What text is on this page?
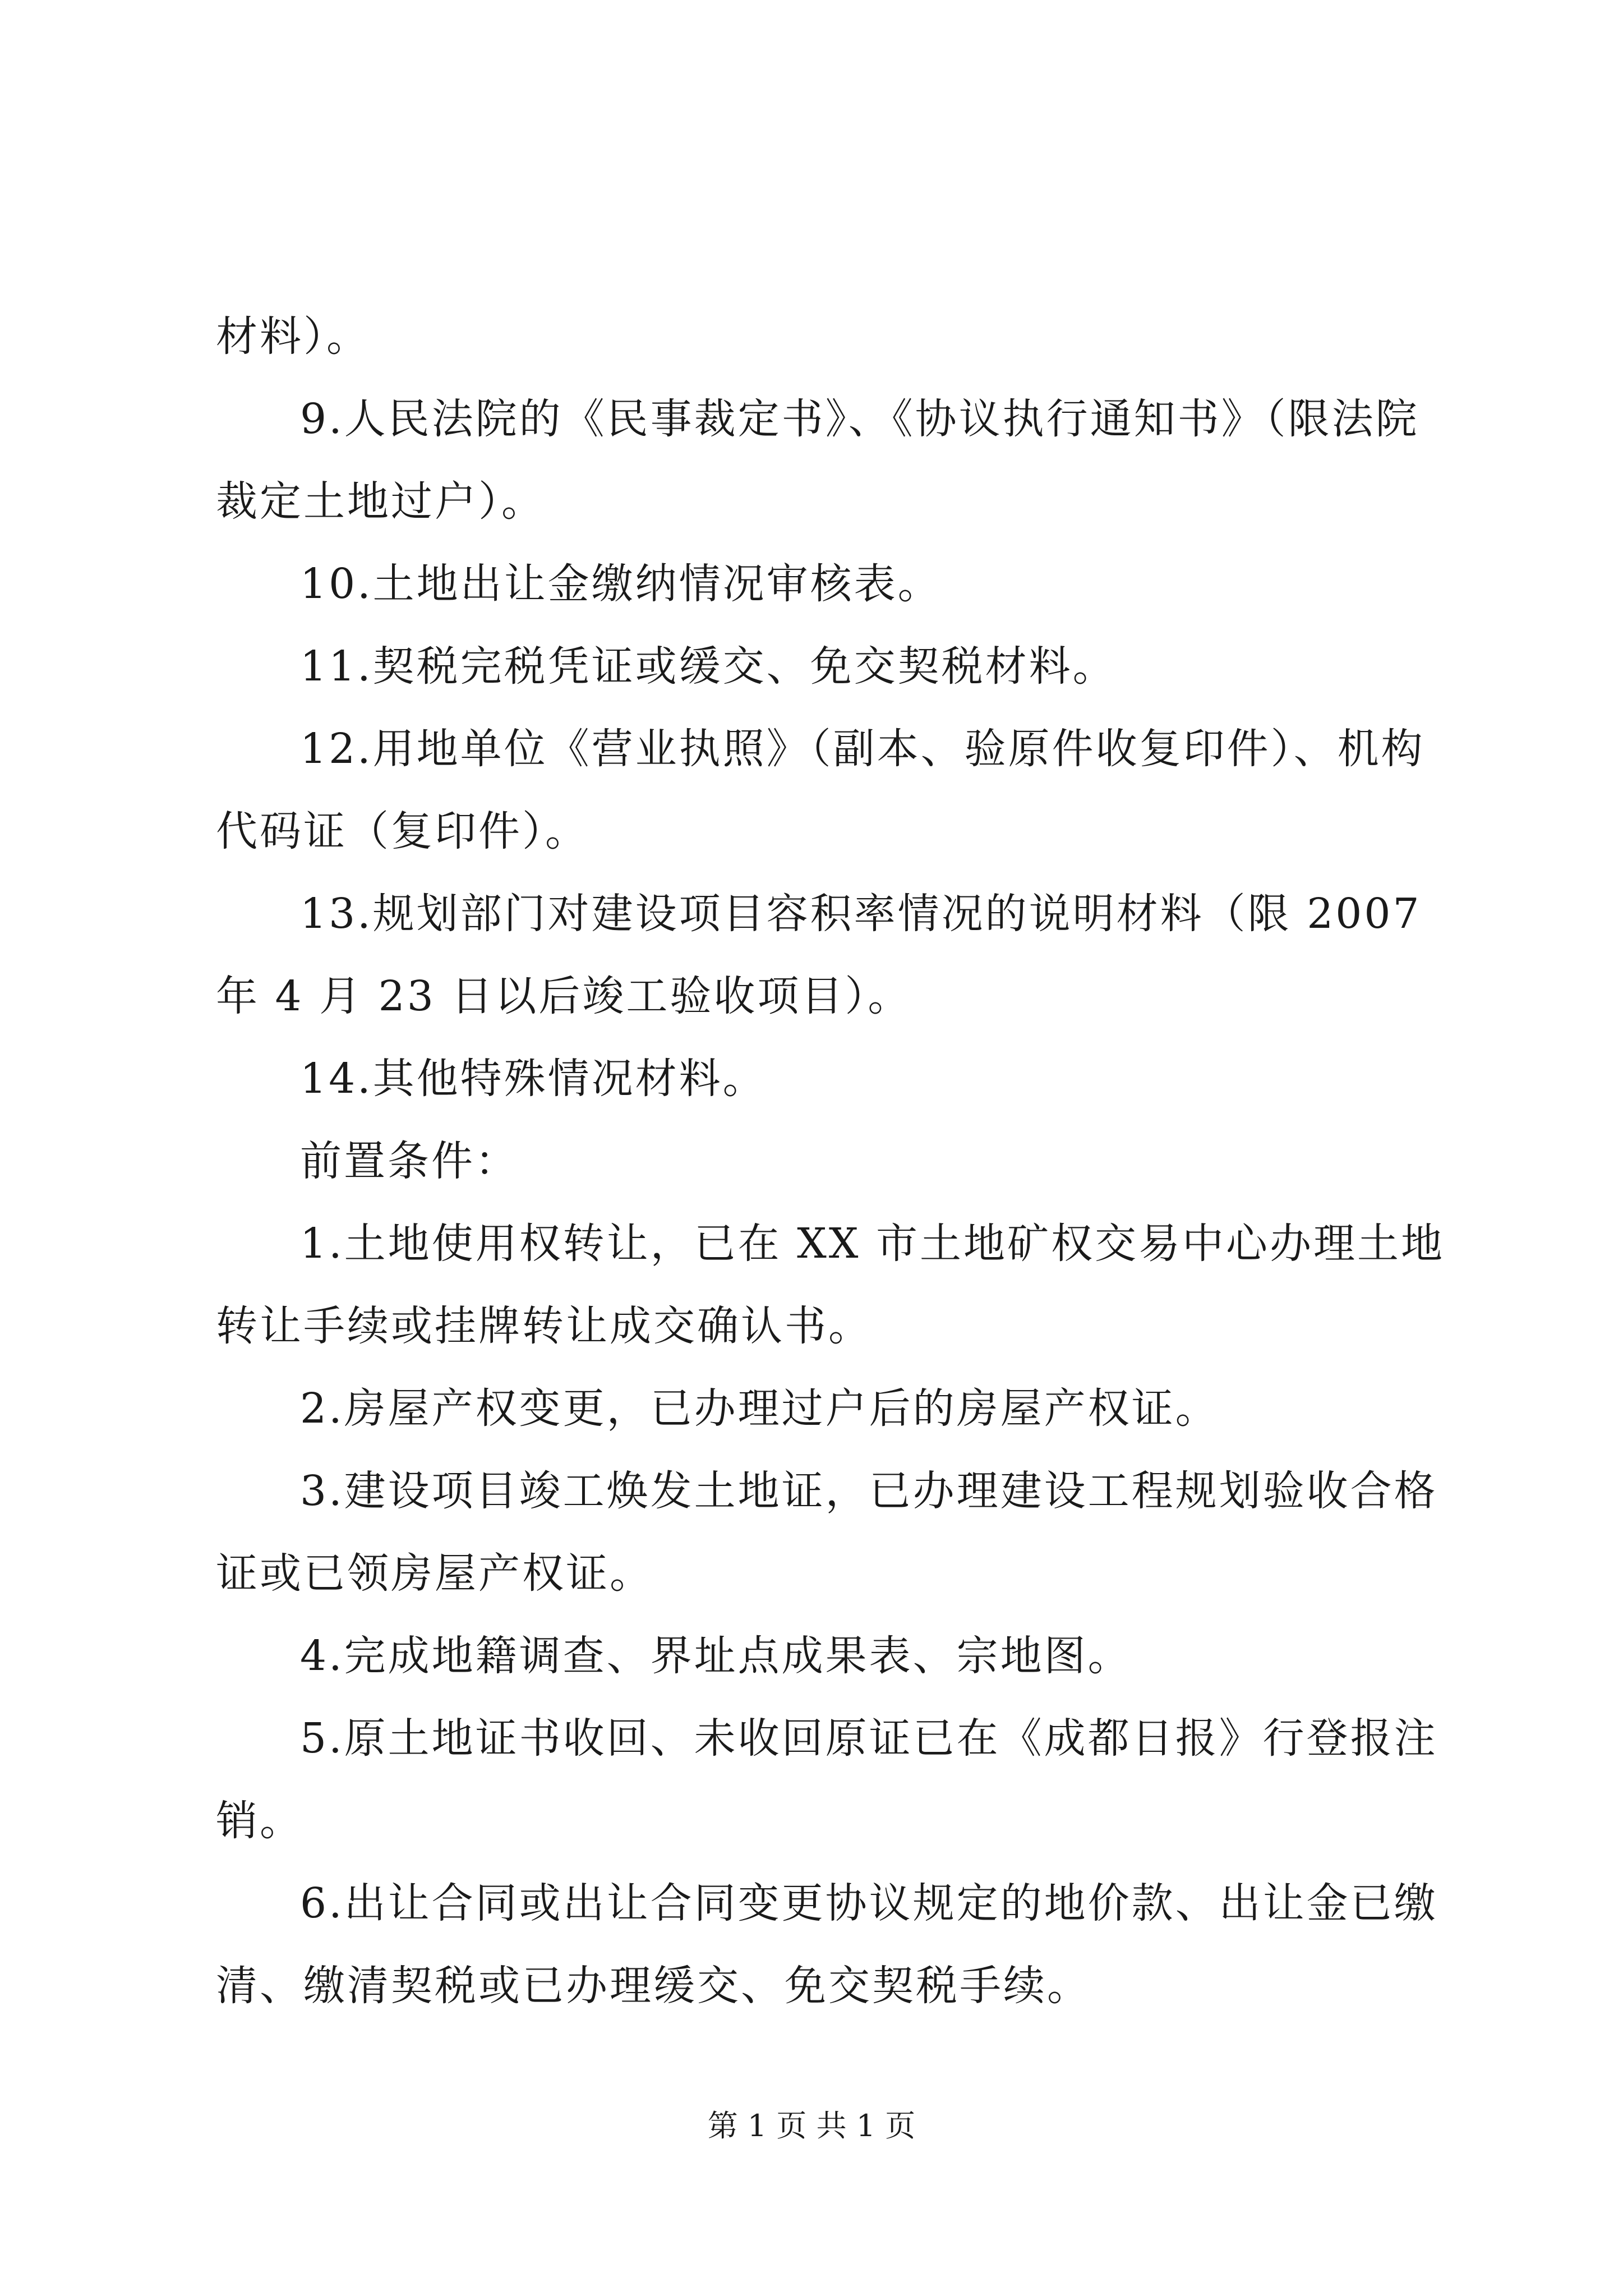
材料）。
9.人民法院的《民事裁定书》、《协议执行通知书》（限法院
裁定土地过户）。
10.土地出让金缴纳情况审核表。
11.契税完税凭证或缓交、免交契税材料。
12.用地单位《营业执照》（副本、验原件收复印件）、机构
代码证（复印件）。
13.规划部门对建设项目容积率情况的说明材料（限 2007
年 4 月 23 日以后竣工验收项目）。
14.其他特殊情况材料。
前置条件：
1.土地使用权转让，已在 XX 市土地矿权交易中心办理土地
转让手续或挂牌转让成交确认书。
2.房屋产权变更，已办理过户后的房屋产权证。
3.建设项目竣工焕发土地证，已办理建设工程规划验收合格
证或已领房屋产权证。
4.完成地籍调查、界址点成果表、宗地图。
5.原土地证书收回、未收回原证已在《成都日报》行登报注
销。
6.出让合同或出让合同变更协议规定的地价款、出让金已缴
清、缴清契税或已办理缓交、免交契税手续。
第 1 页 共 1 页
